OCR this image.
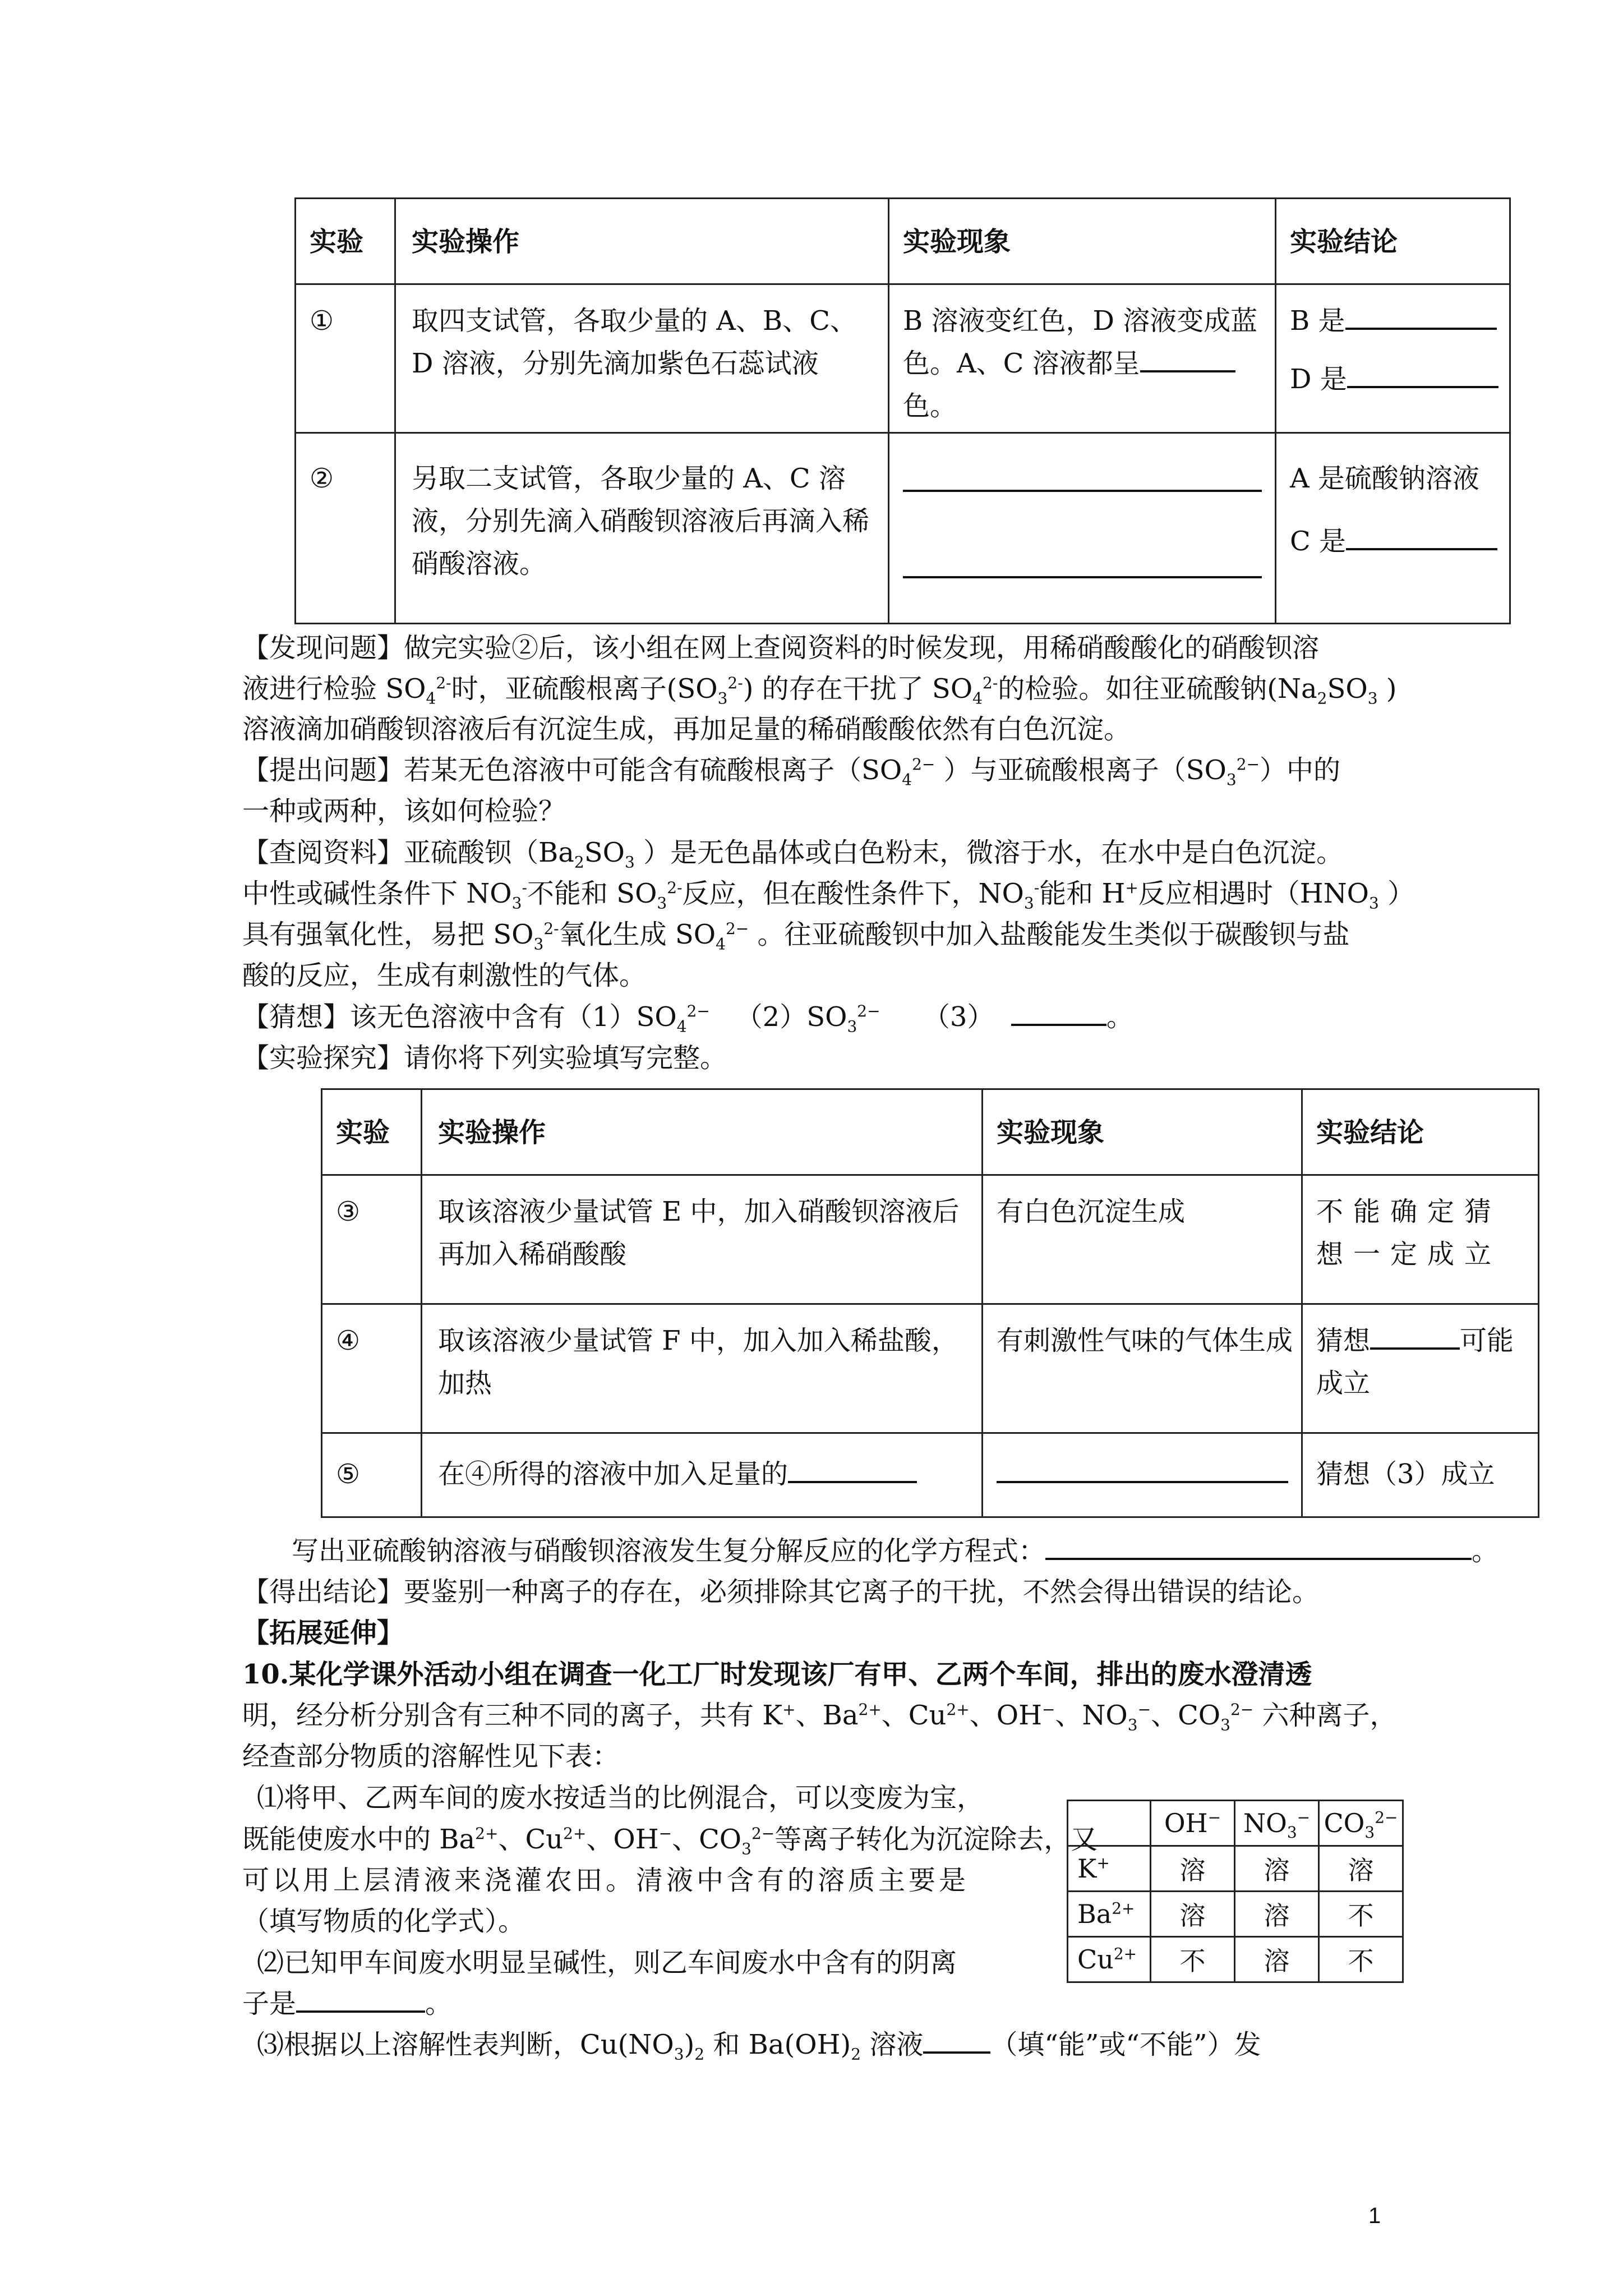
实验	实验操作	实验现象	实验结论
①	取四支试管，各取少量的 A、B、C、D 溶液，分别先滴加紫色石蕊试液	B 溶液变红色，D 溶液变成蓝色。A、C 溶液都呈色。	B 是
D 是

②	另取二支试管，各取少量的 A、C 溶液，分别先滴入硝酸钡溶液后再滴入稀硝酸溶液。		A 是硫酸钠溶液
C 是
【发现问题】做完实验②后，该小组在网上查阅资料的时候发现，用稀硝酸酸化的硝酸钡溶
液进行检验 $SO_4^{2-}$时，亚硫酸根离子$(SO_3^{2-})$ 的存在干扰了 $SO_4^{2-}$的检验。如往亚硫酸钠($Na_2SO_3$ )
溶液滴加硝酸钡溶液后有沉淀生成，再加足量的稀硝酸酸依然有白色沉淀。
【提出问题】若某无色溶液中可能含有硫酸根离子（$SO_4^{2-}$ ）与亚硫酸根离子$(SO_3^{2-})$中的
一种或两种，该如何检验？
【查阅资料】亚硫酸钡（$Ba_2SO_3$ ）是无色晶体或白色粉末，微溶于水，在水中是白色沉淀。
中性或碱性条件下 $NO_3^-$不能和 $SO_3^{2-}$反应，但在酸性条件下，$NO_3^-$能和 H+反应相遇时（$HNO_3$ ）
具有强氧化性，易把 $SO_3^{2-}$氧化生成 $SO_4^{2-}$ 。往亚硫酸钡中加入盐酸能发生类似于碳酸钡与盐
酸的反应，生成有刺激性的气体。
【猜想】该无色溶液中含有$(1)SO_4^{2-}$ $(2)SO_3^{2-}$ （3）	。
【实验探究】请你将下列实验填写完整。
实验	实验操作	实验现象	实验结论
③	取该溶液少量试管 E 中，加入硝酸钡溶液后再加入稀硝酸酸	有白色沉淀生成	不能确定猜想一定成立
④	取该溶液少量试管 F 中，加入加入稀盐酸，加热	有刺激性气味的气体生成	猜想 可能成立
⑤	在④所得的溶液中加入足量的		猜想（3）成立
写出亚硫酸钠溶液与硝酸钡溶液发生复分解反应的化学方程式：	。
【得出结论】要鉴别一种离子的存在，必须排除其它离子的干扰，不然会得出错误的结论。
【拓展延伸】
10.某化学课外活动小组在调查一化工厂时发现该厂有甲、乙两个车间，排出的废水澄清透
明，经分析分别含有三种不同的离子，共有 K+、$Ba^{2+}$、$Cu^{2+}$、OH−、$NO_3^-$、$CO_3^{2-}$ 六种离子，
经查部分物质的溶解性见下表：
⑴将甲、乙两车间的废水按适当的比例混合，可以变废为宝，
既能使废水中的 $Ba^{2+}$、$Cu^{2+}$、OH−、$CO_3^{2-}$等离子转化为沉淀除去，又
可以用上层清液来浇灌农田。清液中含有的溶质主要是
（填写物质的化学式）。
⑵已知甲车间废水明显呈碱性，则乙车间废水中含有的阴离
子是	。
⑶根据以上溶解性表判断，$Cu(NO_3)_2$ 和 $Ba(OH)_2$ 溶液	（填“能”或“不能”）发
	OH−	$NO_3^-$	$CO_3^{2-}$
K+	溶	溶	溶
$Ba^{2+}$	溶	溶	不
$Cu^{2+}$	不	溶	不
1
